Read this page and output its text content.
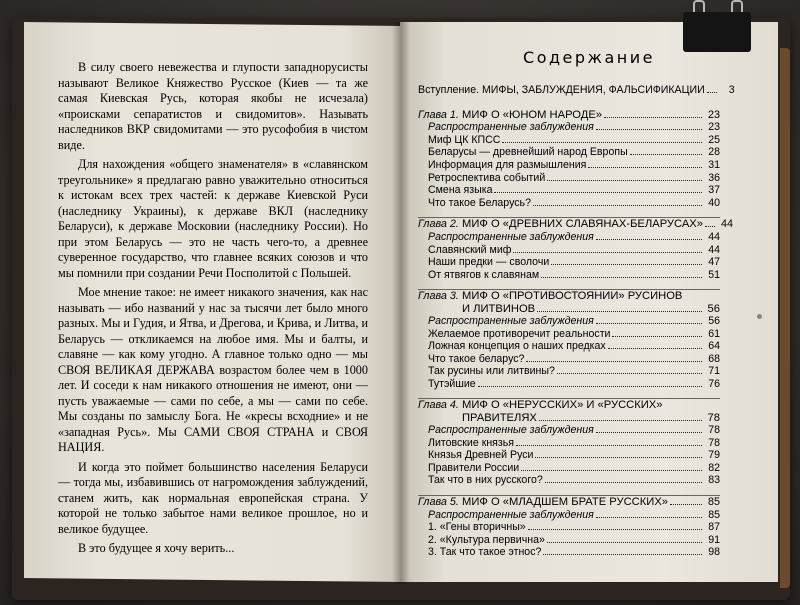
В силу своего невежества и глупости западнорусисты называют Великое Княжество Русское (Киев — та же самая Киевская Русь, которая якобы не исчезала) «происками сепаратистов и свидомитов». Называть наследников ВКР свидомитами — это русофобия в чистом виде.

Для нахождения «общего знаменателя» в «славянском треугольнике» я предлагаю равно уважительно относиться к истокам всех трех частей: к державе Киевской Руси (наследнику Украины), к державе ВКЛ (наследнику Беларуси), к державе Московии (наследнику России). Но при этом Беларусь — это не часть чего-то, а древнее суверенное государство, что главнее всяких союзов и что мы помнили при создании Речи Посполитой с Польшей.

Мое мнение такое: не имеет никакого значения, как нас называть — ибо названий у нас за тысячи лет было много разных. Мы и Гудия, и Ятва, и Дреговa, и Крива, и Литва, и Беларусь — откликаемся на любое имя. Мы и балты, и славяне — как кому угодно. А главное только одно — мы СВОЯ ВЕЛИКАЯ ДЕРЖАВА возрастом более чем в 1000 лет. И соседи к нам никакого отношения не имеют, они — пусть уважаемые — сами по себе, а мы — сами по себе. Мы созданы по замыслу Бога. Не «кресы всходние» и не «западная Русь». Мы САМИ СВОЯ СТРАНА и СВОЯ НАЦИЯ.

И когда это поймет большинство населения Беларуси — тогда мы, избавившись от нагромождения заблуждений, станем жить, как нормальная европейская страна. У которой не только забытое нами великое прошлое, но и великое будущее.

В это будущее я хочу верить...

Содержание
Вступление. МИФЫ, ЗАБЛУЖДЕНИЯ, ФАЛЬСИФИКАЦИИ	3
Глава 1. МИФ О «ЮНОМ НАРОДЕ»	23
Распространенные заблуждения	23
Миф ЦК КПСС	25
Беларусы — древнейший народ Европы	28
Информация для размышления	31
Ретроспектива событий	36
Смена языка	37
Что такое Беларусь?	40
Глава 2. МИФ О «ДРЕВНИХ СЛАВЯНАХ-БЕЛАРУСАХ»	44
Распространенные заблуждения	44
Славянский миф	44
Наши предки — сволочи	47
От ятвягов к славянам	51
Глава 3. МИФ О «ПРОТИВОСТОЯНИИ» РУСИНОВ
И ЛИТВИНОВ	56
Распространенные заблуждения	56
Желаемое противоречит реальности	61
Ложная концепция о наших предках	64
Что такое беларус?	68
Так русины или литвины?	71
Тутэйшие	76
Глава 4. МИФ О «НЕРУССКИХ» И «РУССКИХ»
ПРАВИТЕЛЯХ	78
Распространенные заблуждения	78
Литовские князья	78
Князья Древней Руси	79
Правители России	82
Так что в них русского?	83
Глава 5. МИФ О «МЛАДШЕМ БРАТЕ РУССКИХ»	85
Распространенные заблуждения	85
1. «Гены вторичны»	87
2. «Культура первична»	91
3. Так что такое этнос?	98
